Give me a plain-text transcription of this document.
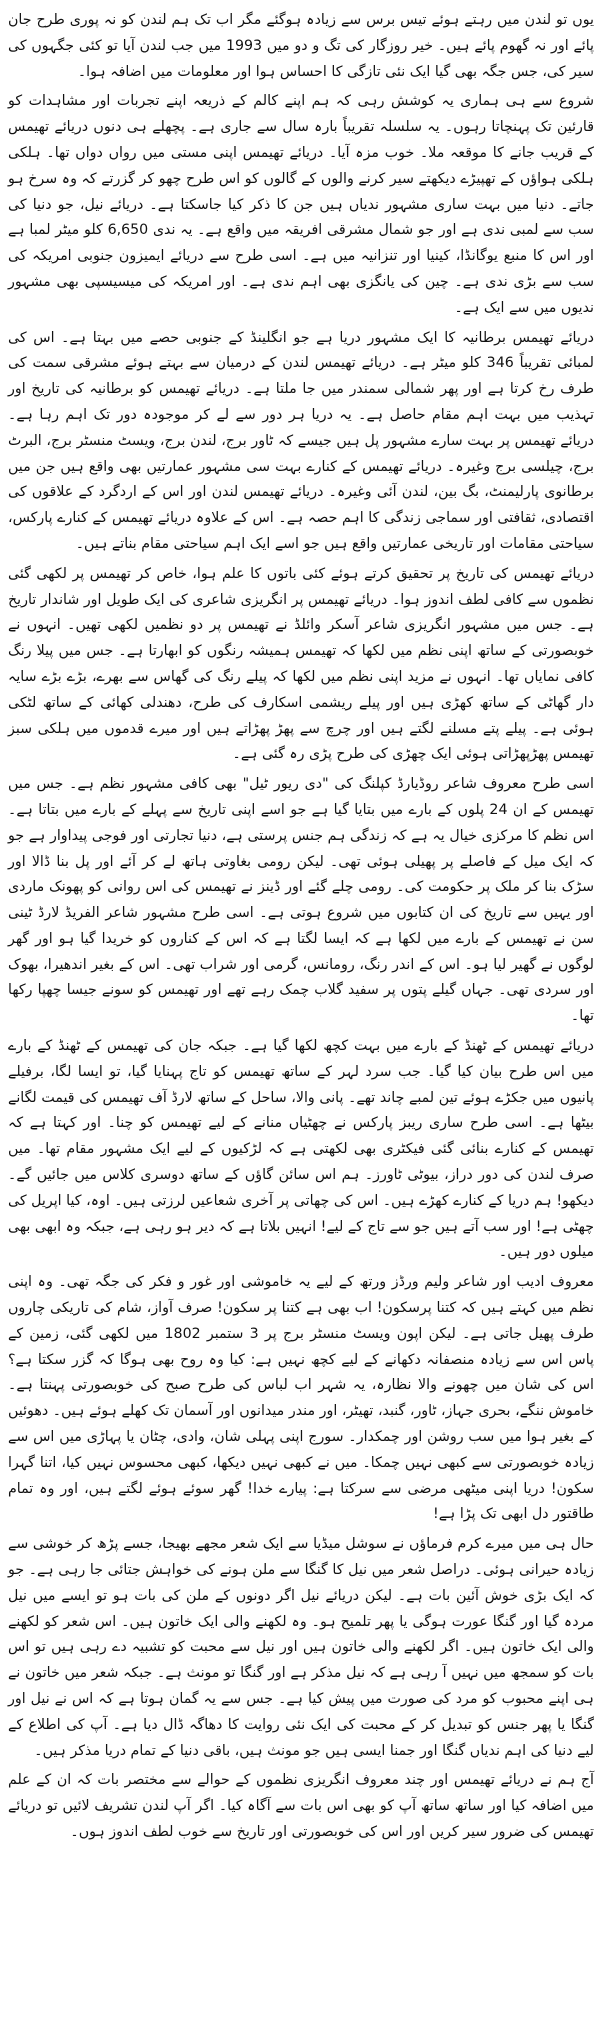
یوں تو لندن میں رہتے ہوئے تیس برس سے زیادہ ہوگئے مگر اب تک ہم لندن کو نہ پوری طرح جان پائے اور نہ گھوم پائے ہیں۔ خیر روزگار کی تگ و دو میں 1993 میں جب لندن آیا تو کئی جگہوں کی سیر کی، جس جگہ بھی گیا ایک نئی تازگی کا احساس ہوا اور معلومات میں اضافہ ہوا۔

شروع سے ہی ہماری یہ کوشش رہی کہ ہم اپنے کالم کے ذریعہ اپنے تجربات اور مشاہدات کو قارئین تک پہنچاتا رہوں۔ یہ سلسلہ تقریباً بارہ سال سے جاری ہے۔ پچھلے ہی دنوں دریائے تھیمس کے قریب جانے کا موقعہ ملا۔ خوب مزہ آیا۔ دریائے تھیمس اپنی مستی میں رواں دواں تھا۔ ہلکی ہلکی ہواؤں کے تھپیڑے دیکھتے سیر کرنے والوں کے گالوں کو اس طرح چھو کر گزرتے کہ وہ سرخ ہو جاتے۔ دنیا میں بہت ساری مشہور ندیاں ہیں جن کا ذکر کیا جاسکتا ہے۔ دریائے نیل، جو دنیا کی سب سے لمبی ندی ہے اور جو شمال مشرقی افریقہ میں واقع ہے۔ یہ ندی 6,650 کلو میٹر لمبا ہے اور اس کا منبع یوگانڈا، کینیا اور تنزانیہ میں ہے۔ اسی طرح سے دریائے ایمیزون جنوبی امریکہ کی سب سے بڑی ندی ہے۔ چین کی یانگزی بھی اہم ندی ہے۔ اور امریکہ کی میسیسپی بھی مشہور ندیوں میں سے ایک ہے۔

دریائے تھیمس برطانیہ کا ایک مشہور دریا ہے جو انگلینڈ کے جنوبی حصے میں بہتا ہے۔ اس کی لمبائی تقریباً 346 کلو میٹر ہے۔ دریائے تھیمس لندن کے درمیان سے بہتے ہوئے مشرقی سمت کی طرف رخ کرتا ہے اور پھر شمالی سمندر میں جا ملتا ہے۔ دریائے تھیمس کو برطانیہ کی تاریخ اور تہذیب میں بہت اہم مقام حاصل ہے۔ یہ دریا ہر دور سے لے کر موجودہ دور تک اہم رہا ہے۔ دریائے تھیمس پر بہت سارے مشہور پل ہیں جیسے کہ ٹاور برج، لندن برج، ویسٹ منسٹر برج، البرٹ برج، چیلسی برج وغیرہ۔ دریائے تھیمس کے کنارے بہت سی مشہور عمارتیں بھی واقع ہیں جن میں برطانوی پارلیمنٹ، بگ بین، لندن آئی وغیرہ۔ دریائے تھیمس لندن اور اس کے اردگرد کے علاقوں کی اقتصادی، ثقافتی اور سماجی زندگی کا اہم حصہ ہے۔ اس کے علاوہ دریائے تھیمس کے کنارے پارکس، سیاحتی مقامات اور تاریخی عمارتیں واقع ہیں جو اسے ایک اہم سیاحتی مقام بناتے ہیں۔

دریائے تھیمس کی تاریخ پر تحقیق کرتے ہوئے کئی باتوں کا علم ہوا، خاص کر تھیمس پر لکھی گئی نظموں سے کافی لطف اندوز ہوا۔ دریائے تھیمس پر انگریزی شاعری کی ایک طویل اور شاندار تاریخ ہے۔ جس میں مشہور انگریزی شاعر آسکر وائلڈ نے تھیمس پر دو نظمیں لکھی تھیں۔ انہوں نے خوبصورتی کے ساتھ اپنی نظم میں لکھا کہ تھیمس ہمیشہ رنگوں کو ابھارتا ہے۔ جس میں پیلا رنگ کافی نمایاں تھا۔ انہوں نے مزید اپنی نظم میں لکھا کہ پیلے رنگ کی گھاس سے بھرے، بڑے بڑے سایہ دار گھاٹی کے ساتھ کھڑی ہیں اور پیلے ریشمی اسکارف کی طرح، دھندلی کھائی کے ساتھ لٹکی ہوئی ہے۔ پیلے پتے مسلنے لگتے ہیں اور چرچ سے پھڑ پھڑاتے ہیں اور میرے قدموں میں ہلکی سبز تھیمس پھڑپھڑاتی ہوئی ایک چھڑی کی طرح پڑی رہ گئی ہے۔

اسی طرح معروف شاعر روڈیارڈ کپلنگ کی "دی ریور ٹیل" بھی کافی مشہور نظم ہے۔ جس میں تھیمس کے ان 24 پلوں کے بارے میں بتایا گیا ہے جو اسے اپنی تاریخ سے پہلے کے بارے میں بتاتا ہے۔ اس نظم کا مرکزی خیال یہ ہے کہ زندگی ہم جنس پرستی ہے، دنیا تجارتی اور فوجی پیداوار ہے جو کہ ایک میل کے فاصلے پر پھیلی ہوئی تھی۔ لیکن رومی بغاوتی ہاتھ لے کر آئے اور پل بنا ڈالا اور سڑک بنا کر ملک پر حکومت کی۔ رومی چلے گئے اور ڈینز نے تھیمس کی اس روانی کو پھونک ماردی اور یہیں سے تاریخ کی ان کتابوں میں شروع ہوتی ہے۔ اسی طرح مشہور شاعر الفریڈ لارڈ ٹینی سن نے تھیمس کے بارے میں لکھا ہے کہ ایسا لگتا ہے کہ اس کے کناروں کو خریدا گیا ہو اور گھر لوگوں نے گھیر لیا ہو۔ اس کے اندر رنگ، رومانس، گرمی اور شراب تھی۔ اس کے بغیر اندھیرا، بھوک اور سردی تھی۔ جہاں گیلے پتوں پر سفید گلاب چمک رہے تھے اور تھیمس کو سونے جیسا چھپا رکھا تھا۔

دریائے تھیمس کے ٹھنڈ کے بارے میں بہت کچھ لکھا گیا ہے۔ جبکہ جان کی تھیمس کے ٹھنڈ کے بارے میں اس طرح بیان کیا گیا۔ جب سرد لہر کے ساتھ تھیمس کو تاج پہنایا گیا، تو ایسا لگا، برفیلے پانیوں میں جکڑے ہوئے تین لمبے چاند تھے۔ پانی والا، ساحل کے ساتھ لارڈ آف تھیمس کی قیمت لگانے بیٹھا ہے۔ اسی طرح ساری ریبز پارکس نے چھٹیاں منانے کے لیے تھیمس کو چنا۔ اور کہتا ہے کہ تھیمس کے کنارے بنائی گئی فیکٹری بھی لکھتی ہے کہ لڑکیوں کے لیے ایک مشہور مقام تھا۔ میں صرف لندن کی دور دراز، بیوٹی ٹاورز۔ ہم اس سائن گاؤں کے ساتھ دوسری کلاس میں جائیں گے۔ دیکھو! ہم دریا کے کنارے کھڑے ہیں۔ اس کی چھاتی پر آخری شعاعیں لرزتی ہیں۔ اوہ، کیا اپریل کی چھٹی ہے! اور سب آتے ہیں جو سے تاج کے لیے! انہیں بلاتا ہے کہ دیر ہو رہی ہے، جبکہ وہ ابھی بھی میلوں دور ہیں۔

معروف ادیب اور شاعر ولیم ورڈز ورتھ کے لیے یہ خاموشی اور غور و فکر کی جگہ تھی۔ وہ اپنی نظم میں کہتے ہیں کہ کتنا پرسکون! اب بھی ہے کتنا پر سکون! صرف آواز، شام کی تاریکی چاروں طرف پھیل جاتی ہے۔ لیکن اپون ویسٹ منسٹر برج پر 3 ستمبر 1802 میں لکھی گئی، زمین کے پاس اس سے زیادہ منصفانہ دکھانے کے لیے کچھ نہیں ہے: کیا وہ روح بھی ہوگا کہ گزر سکتا ہے؟ اس کی شان میں چھونے والا نظارہ، یہ شہر اب لباس کی طرح صبح کی خوبصورتی پہنتا ہے۔ خاموش ننگے، بحری جہاز، ٹاور، گنبد، تھیٹر، اور مندر میدانوں اور آسمان تک کھلے ہوئے ہیں۔ دھوئیں کے بغیر ہوا میں سب روشن اور چمکدار۔ سورج اپنی پہلی شان، وادی، چٹان یا پہاڑی میں اس سے زیادہ خوبصورتی سے کبھی نہیں چمکا۔ میں نے کبھی نہیں دیکھا، کبھی محسوس نہیں کیا، اتنا گہرا سکون! دریا اپنی میٹھی مرضی سے سرکتا ہے: پیارے خدا! گھر سوئے ہوئے لگتے ہیں، اور وہ تمام طاقتور دل ابھی تک پڑا ہے!

حال ہی میں میرے کرم فرماؤں نے سوشل میڈیا سے ایک شعر مجھے بھیجا، جسے پڑھ کر خوشی سے زیادہ حیرانی ہوئی۔ دراصل شعر میں نیل کا گنگا سے ملن ہونے کی خواہش جتائی جا رہی ہے۔ جو کہ ایک بڑی خوش آئین بات ہے۔ لیکن دریائے نیل اگر دونوں کے ملن کی بات ہو تو ایسے میں نیل مردہ گیا اور گنگا عورت ہوگی یا پھر تلمیح ہو۔ وہ لکھنے والی ایک خاتون ہیں۔ اس شعر کو لکھنے والی ایک خاتون ہیں۔ اگر لکھنے والی خاتون ہیں اور نیل سے محبت کو تشبیہ دے رہی ہیں تو اس بات کو سمجھ میں نہیں آ رہی ہے کہ نیل مذکر ہے اور گنگا تو مونث ہے۔ جبکہ شعر میں خاتون نے ہی اپنے محبوب کو مرد کی صورت میں پیش کیا ہے۔ جس سے یہ گمان ہوتا ہے کہ اس نے نیل اور گنگا یا پھر جنس کو تبدیل کر کے محبت کی ایک نئی روایت کا دھاگہ ڈال دیا ہے۔ آپ کی اطلاع کے لیے دنیا کی اہم ندیاں گنگا اور جمنا ایسی ہیں جو مونث ہیں، باقی دنیا کے تمام دریا مذکر ہیں۔

آج ہم نے دریائے تھیمس اور چند معروف انگریزی نظموں کے حوالے سے مختصر بات کہ ان کے علم میں اضافہ کیا اور ساتھ ساتھ آپ کو بھی اس بات سے آگاہ کیا۔ اگر آپ لندن تشریف لائیں تو دریائے تھیمس کی ضرور سیر کریں اور اس کی خوبصورتی اور تاریخ سے خوب لطف اندوز ہوں۔
